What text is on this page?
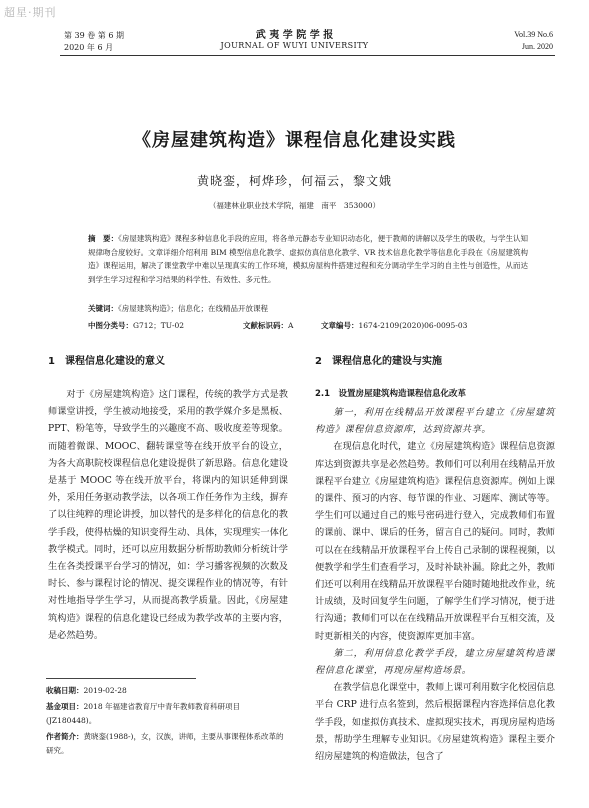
超星·期刊
第 39 卷 第 6 期
2020 年 6 月
武 夷 学 院 学 报
JOURNAL OF WUYI UNIVERSITY
Vol.39 No.6
Jun. 2020
《房屋建筑构造》课程信息化建设实践
黄晓銮，柯烨珍，何福云，黎文娥
（福建林业职业技术学院，福建　南平　353000）
摘　要：《房屋建筑构造》课程多种信息化手段的应用，将各单元静态专业知识动态化，便于教师的讲解以及学生的吸收，与学生认知规律吻合度较好。文章详细介绍利用 BIM 模型信息化教学、虚拟仿真信息化教学、VR 技术信息化教学等信息化手段在《房屋建筑构造》课程运用，解决了课堂教学中难以呈现真实的工作环境，模拟房屋构件搭建过程和充分调动学生学习的自主性与创造性，从而达到学生学习过程和学习结果的科学性、有效性、多元性。
关键词：《房屋建筑构造》；信息化；在线精品开放课程
中图分类号：G712；TU-02	文献标识码：A	文章编号：1674-2109(2020)06-0095-03
1　课程信息化建设的意义

对于《房屋建筑构造》这门课程，传统的教学方式是教师课堂讲授，学生被动地接受，采用的教学媒介多是黑板、PPT、粉笔等，导致学生的兴趣度不高、吸收度差等现象。而随着微课、MOOC、翻转课堂等在线开放平台的设立，为各大高职院校课程信息化建设提供了新思路。信息化建设是基于 MOOC 等在线开放平台，将课内的知识延伸到课外，采用任务驱动教学法，以各项工作任务作为主线，摒弃了以往纯粹的理论讲授，加以替代的是多样化的信息化的教学手段，使得枯燥的知识变得生动、具体，实现理实一体化教学模式。同时，还可以应用数据分析帮助教师分析统计学生在各类授课平台学习的情况，如：学习播客视频的次数及时长、参与课程讨论的情况、提交课程作业的情况等，有针对性地指导学生学习，从而提高教学质量。因此，《房屋建筑构造》课程的信息化建设已经成为教学改革的主要内容，是必然趋势。

2　课程信息化的建设与实施
2.1　设置房屋建筑构造课程信息化改革

第一，利用在线精品开放课程平台建立《房屋建筑构造》课程信息资源库，达到资源共享。

在现信息化时代，建立《房屋建筑构造》课程信息资源库达到资源共享是必然趋势。教师们可以利用在线精品开放课程平台建立《房屋建筑构造》课程信息资源库。例如上课的课件、预习的内容、每节课的作业、习题库、测试等等。学生们可以通过自己的账号密码进行登入，完成教师们布置的课前、课中、课后的任务，留言自己的疑问。同时，教师可以在在线精品开放课程平台上传自己录制的课程视频，以便教学和学生们查看学习，及时补缺补漏。除此之外，教师们还可以利用在线精品开放课程平台随时随地批改作业，统计成绩，及时回复学生问题，了解学生们学习情况，便于进行沟通；教师们可以在在线精品开放课程平台互相交流，及时更新相关的内容，使资源库更加丰富。

第二，利用信息化教学手段，建立房屋建筑构造课程信息化课堂，再现房屋构造场景。

在教学信息化课堂中，教师上课可利用数字化校园信息平台 CRP 进行点名签到，然后根据课程内容选择信息化教学手段，如虚拟仿真技术、虚拟现实技术，再现房屋构造场景，帮助学生理解专业知识。《房屋建筑构造》课程主要介绍房屋建筑的构造做法，包含了

收稿日期：2019-02-28
基金项目：2018 年福建省教育厅中青年教师教育科研项目(JZ180448)。
作者简介：黄晓銮(1988-)，女，汉族，讲师，主要从事课程体系改革的研究。
